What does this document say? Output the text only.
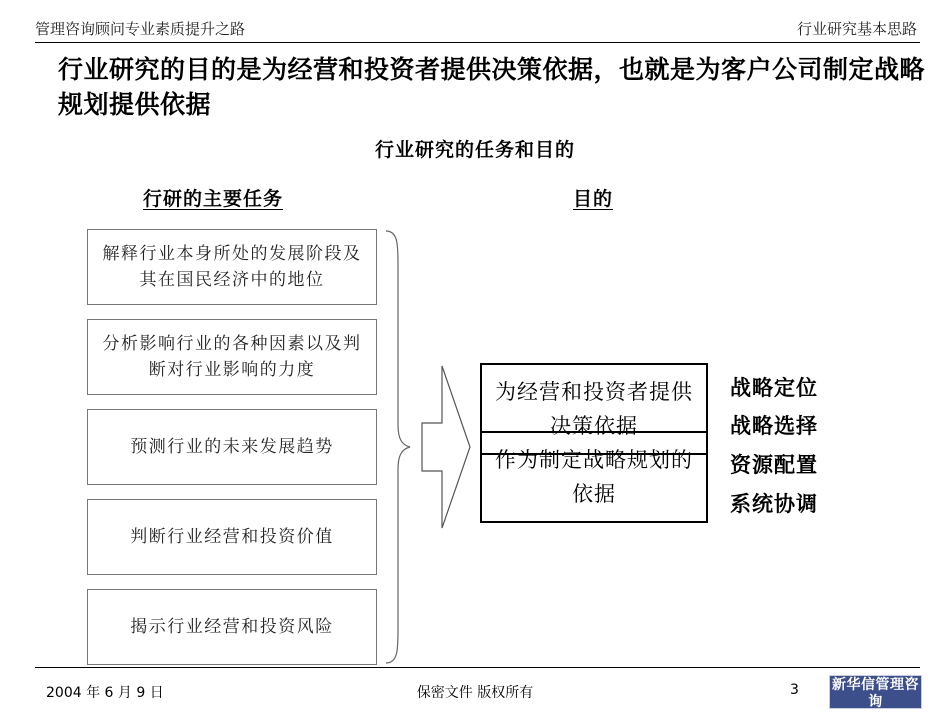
管理咨询顾问专业素质提升之路	行业研究基本思路
行业研究的目的是为经营和投资者提供决策依据，也就是为客户公司制定战略规划提供依据
行业研究的任务和目的
行研的主要任务	目的
解释行业本身所处的发展阶段及其在国民经济中的地位
分析影响行业的各种因素以及判断对行业影响的力度
预测行业的未来发展趋势
判断行业经营和投资价值
揭示行业经营和投资风险
为经营和投资者提供决策依据
作为制定战略规划的依据
战略定位
战略选择
资源配置
系统协调
2004 年 6 月 9 日	保密文件 版权所有	3 新华信管理咨询
SINOTRUST
